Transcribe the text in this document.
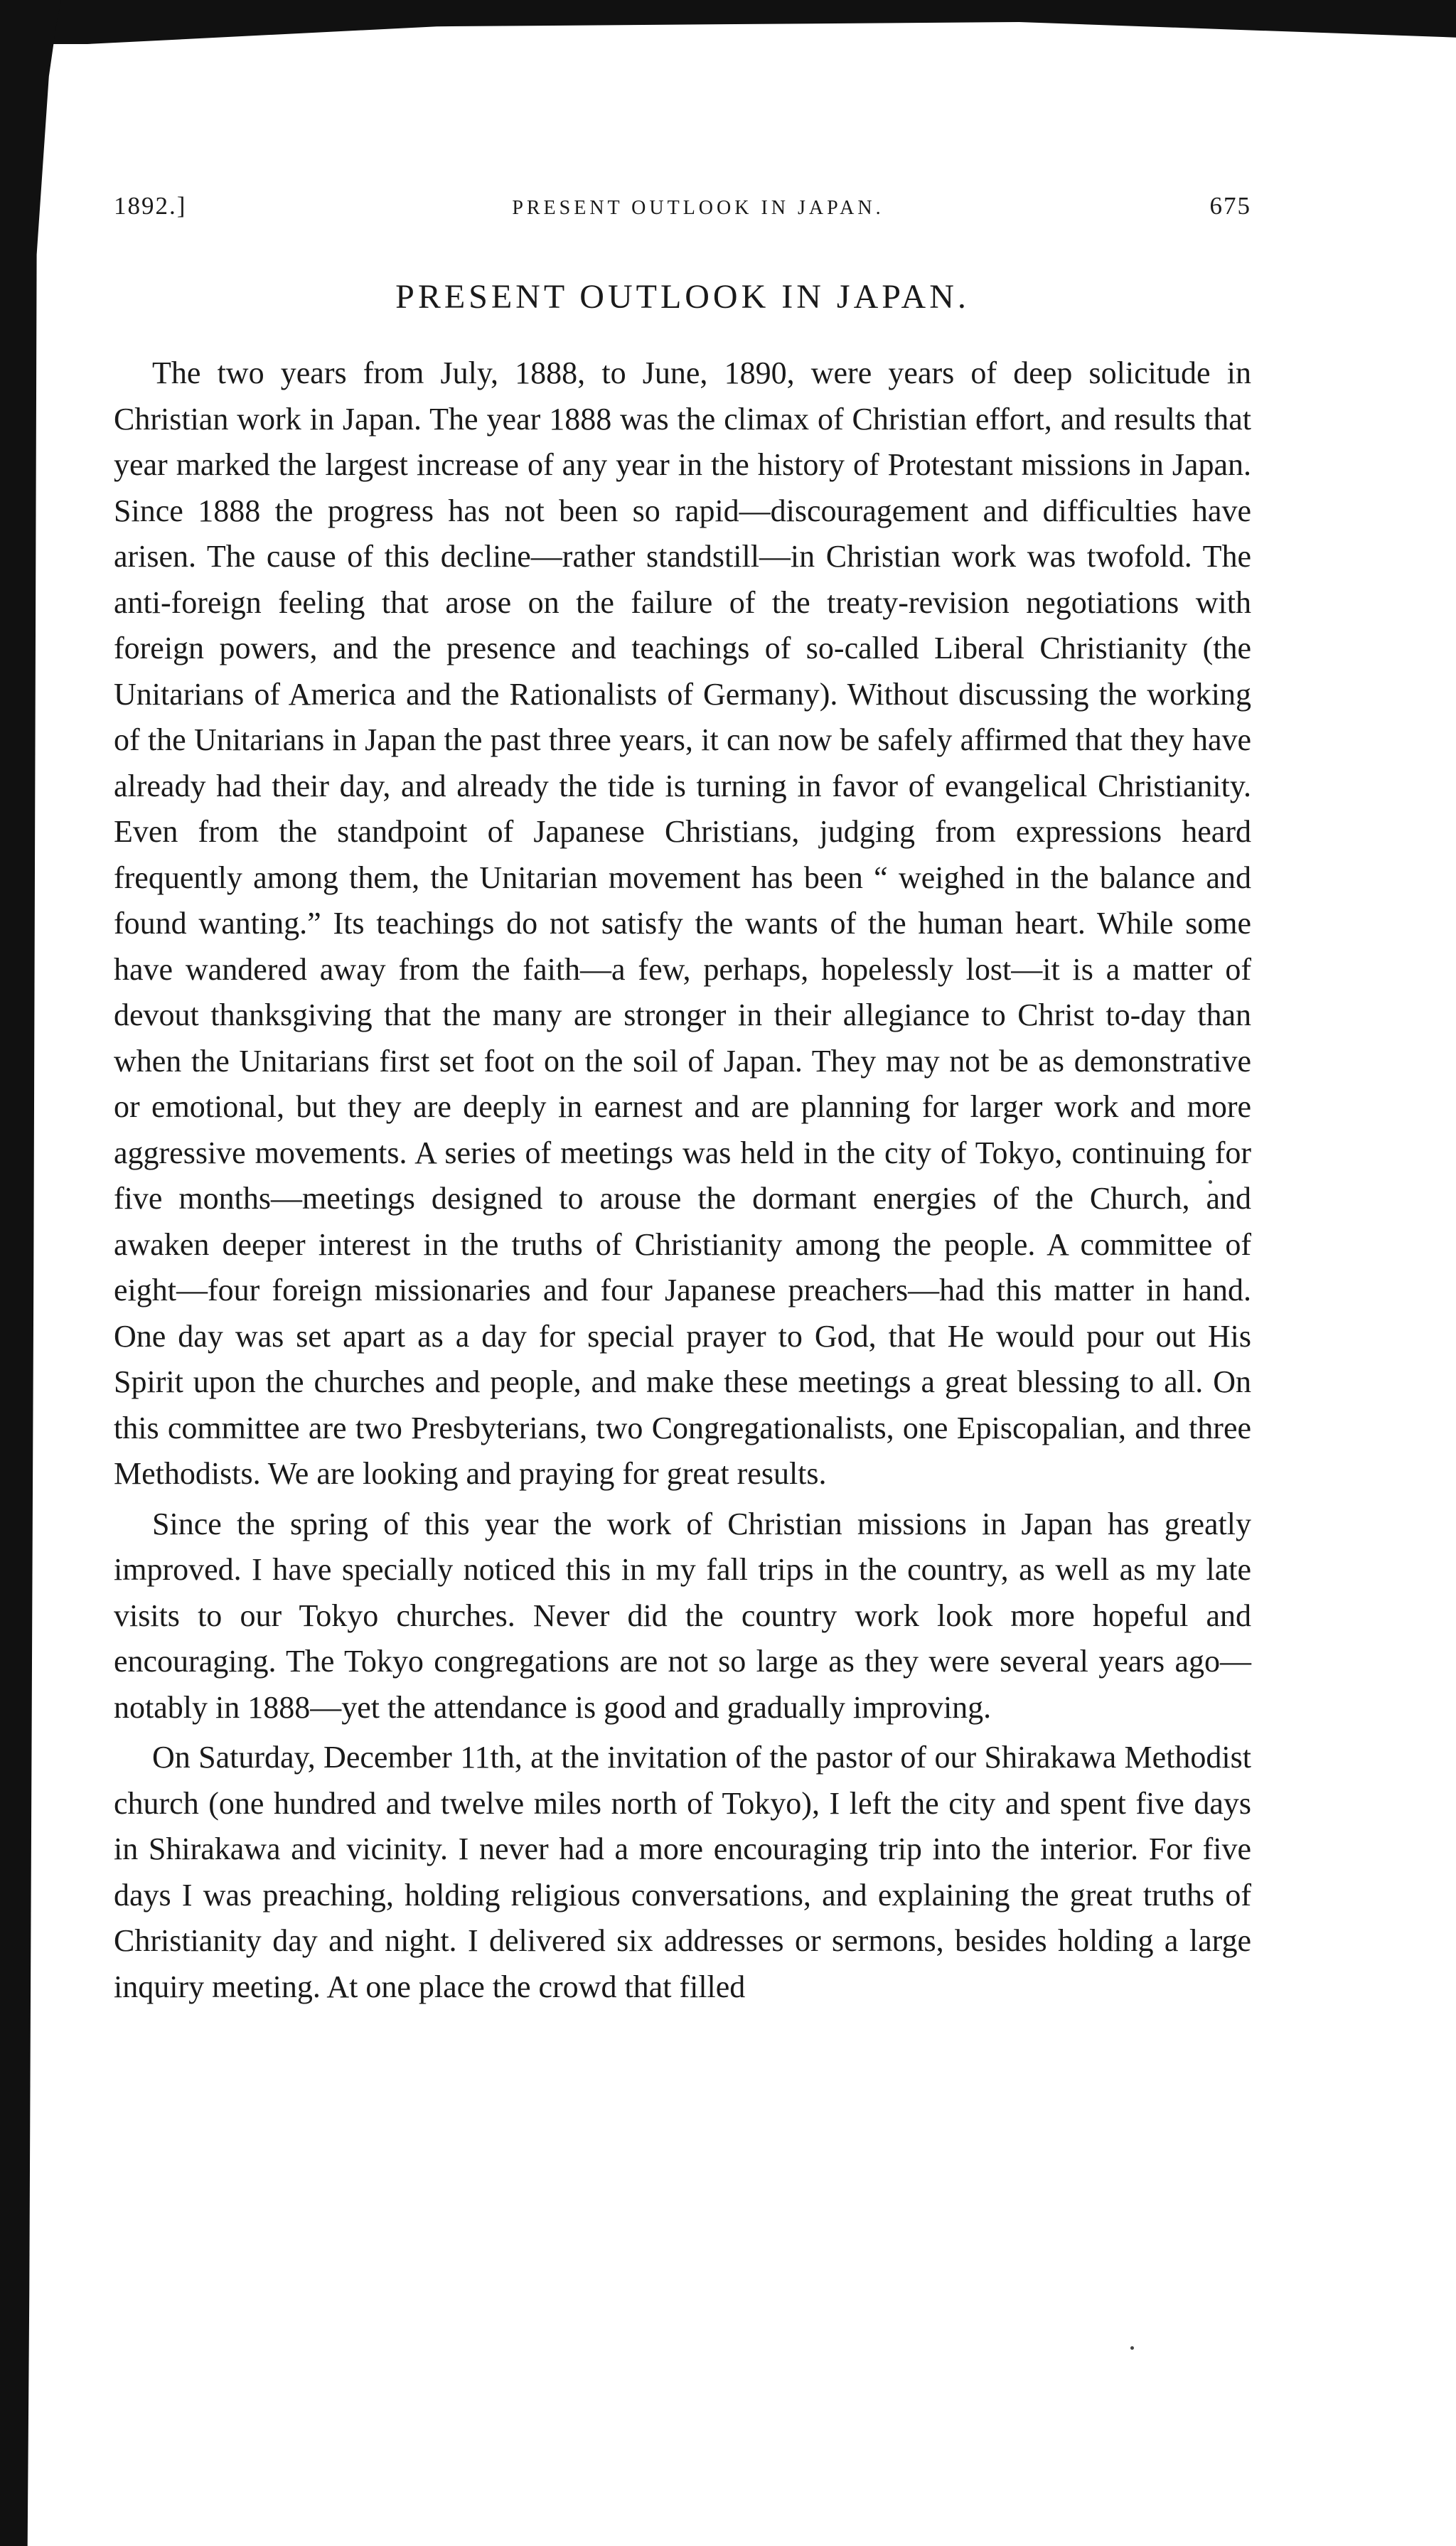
1892.]	PRESENT OUTLOOK IN JAPAN.	675
PRESENT OUTLOOK IN JAPAN.

The two years from July, 1888, to June, 1890, were years of deep solicitude in Christian work in Japan. The year 1888 was the climax of Christian effort, and results that year marked the largest increase of any year in the history of Protestant missions in Japan. Since 1888 the progress has not been so rapid—discouragement and difficulties have arisen. The cause of this decline—rather standstill—in Christian work was twofold. The anti-foreign feeling that arose on the failure of the treaty-revision negotiations with foreign powers, and the presence and teachings of so-called Liberal Christianity (the Unitarians of America and the Rationalists of Germany). Without discussing the working of the Unitarians in Japan the past three years, it can now be safely affirmed that they have already had their day, and already the tide is turning in favor of evangelical Christianity. Even from the standpoint of Japanese Christians, judging from expressions heard frequently among them, the Unitarian movement has been “ weighed in the balance and found wanting.” Its teachings do not satisfy the wants of the human heart. While some have wandered away from the faith—a few, perhaps, hopelessly lost—it is a matter of devout thanksgiving that the many are stronger in their allegiance to Christ to-day than when the Unitarians first set foot on the soil of Japan. They may not be as demonstrative or emotional, but they are deeply in earnest and are planning for larger work and more aggressive movements. A series of meetings was held in the city of Tokyo, continuing for five months—meetings designed to arouse the dormant energies of the Church, and awaken deeper interest in the truths of Christianity among the people. A committee of eight—four foreign missionaries and four Japanese preachers—had this matter in hand. One day was set apart as a day for special prayer to God, that He would pour out His Spirit upon the churches and people, and make these meetings a great blessing to all. On this committee are two Presbyterians, two Congregationalists, one Episcopalian, and three Methodists. We are looking and praying for great results.

Since the spring of this year the work of Christian missions in Japan has greatly improved. I have specially noticed this in my fall trips in the country, as well as my late visits to our Tokyo churches. Never did the country work look more hopeful and encouraging. The Tokyo congregations are not so large as they were several years ago—notably in 1888—yet the attendance is good and gradually improving.

On Saturday, December 11th, at the invitation of the pastor of our Shirakawa Methodist church (one hundred and twelve miles north of Tokyo), I left the city and spent five days in Shirakawa and vicinity. I never had a more encouraging trip into the interior. For five days I was preaching, holding religious conversations, and explaining the great truths of Christianity day and night. I delivered six addresses or sermons, besides holding a large inquiry meeting. At one place the crowd that filled
